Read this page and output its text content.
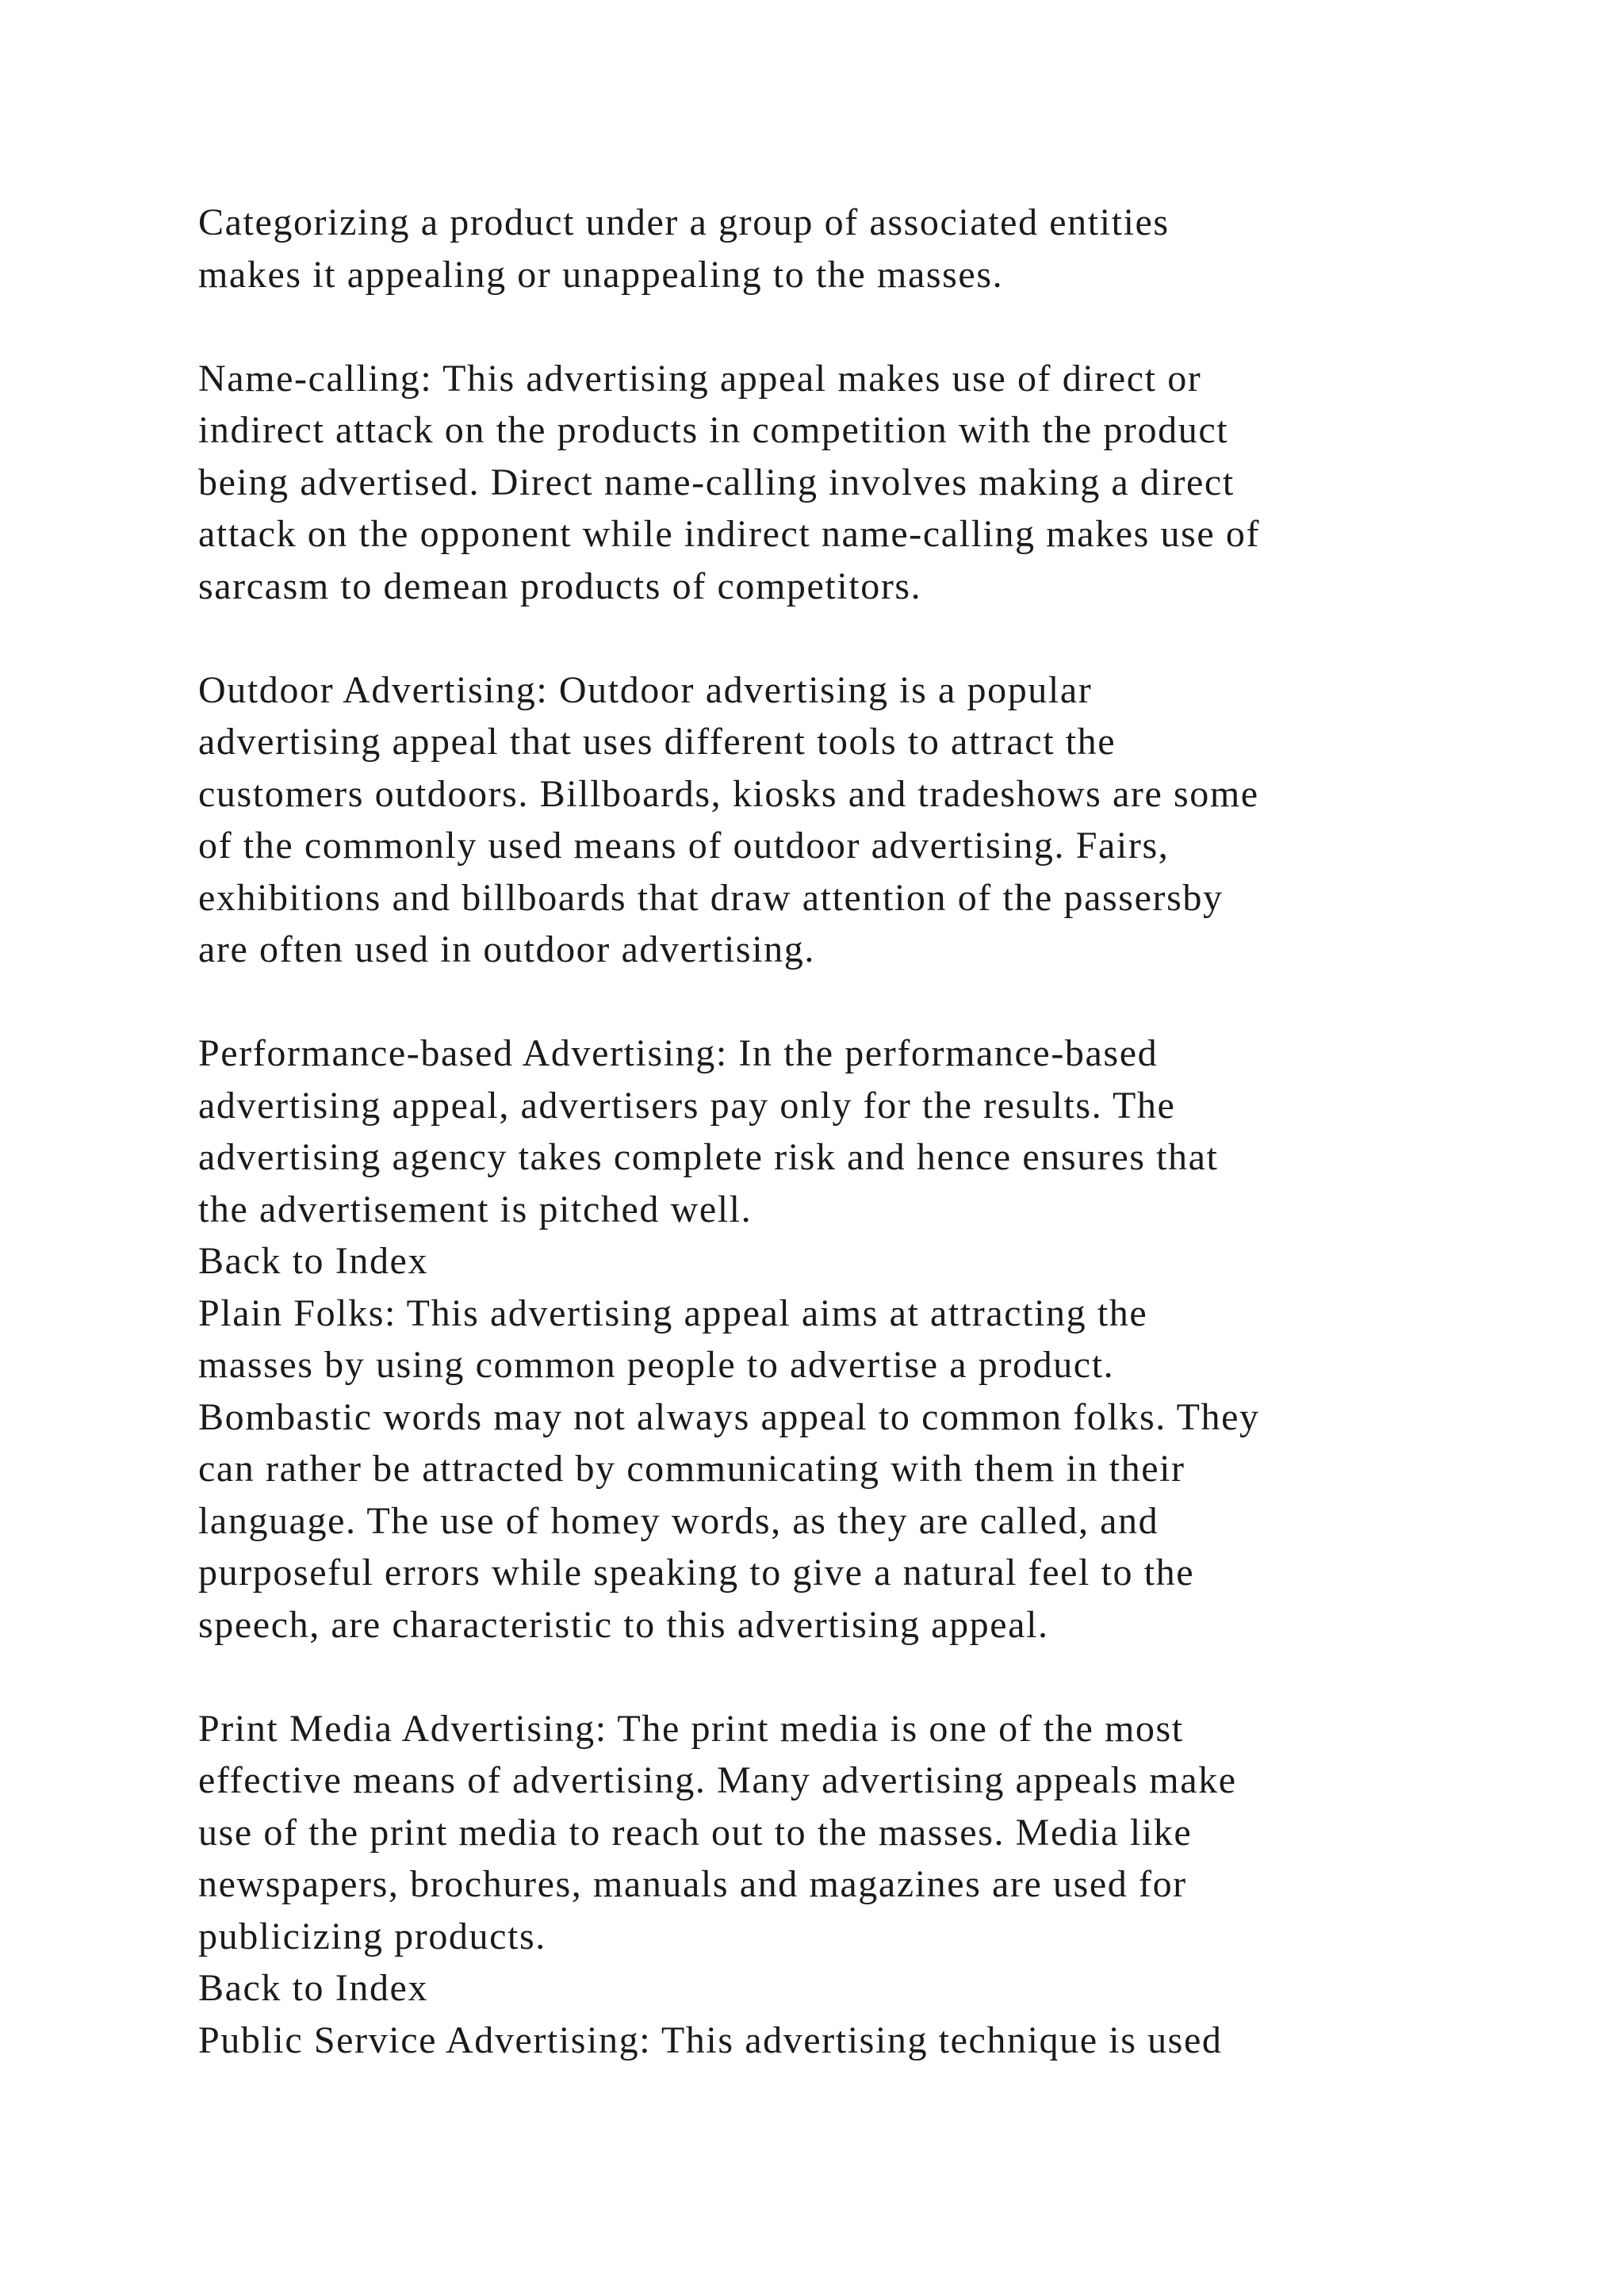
Categorizing a product under a group of associated entities
makes it appealing or unappealing to the masses.
Name-calling: This advertising appeal makes use of direct or
indirect attack on the products in competition with the product
being advertised. Direct name-calling involves making a direct
attack on the opponent while indirect name-calling makes use of
sarcasm to demean products of competitors.
Outdoor Advertising: Outdoor advertising is a popular
advertising appeal that uses different tools to attract the
customers outdoors. Billboards, kiosks and tradeshows are some
of the commonly used means of outdoor advertising. Fairs,
exhibitions and billboards that draw attention of the passersby
are often used in outdoor advertising.
Performance-based Advertising: In the performance-based
advertising appeal, advertisers pay only for the results. The
advertising agency takes complete risk and hence ensures that
the advertisement is pitched well.
Back to Index
Plain Folks: This advertising appeal aims at attracting the
masses by using common people to advertise a product.
Bombastic words may not always appeal to common folks. They
can rather be attracted by communicating with them in their
language. The use of homey words, as they are called, and
purposeful errors while speaking to give a natural feel to the
speech, are characteristic to this advertising appeal.
Print Media Advertising: The print media is one of the most
effective means of advertising. Many advertising appeals make
use of the print media to reach out to the masses. Media like
newspapers, brochures, manuals and magazines are used for
publicizing products.
Back to Index
Public Service Advertising: This advertising technique is used
